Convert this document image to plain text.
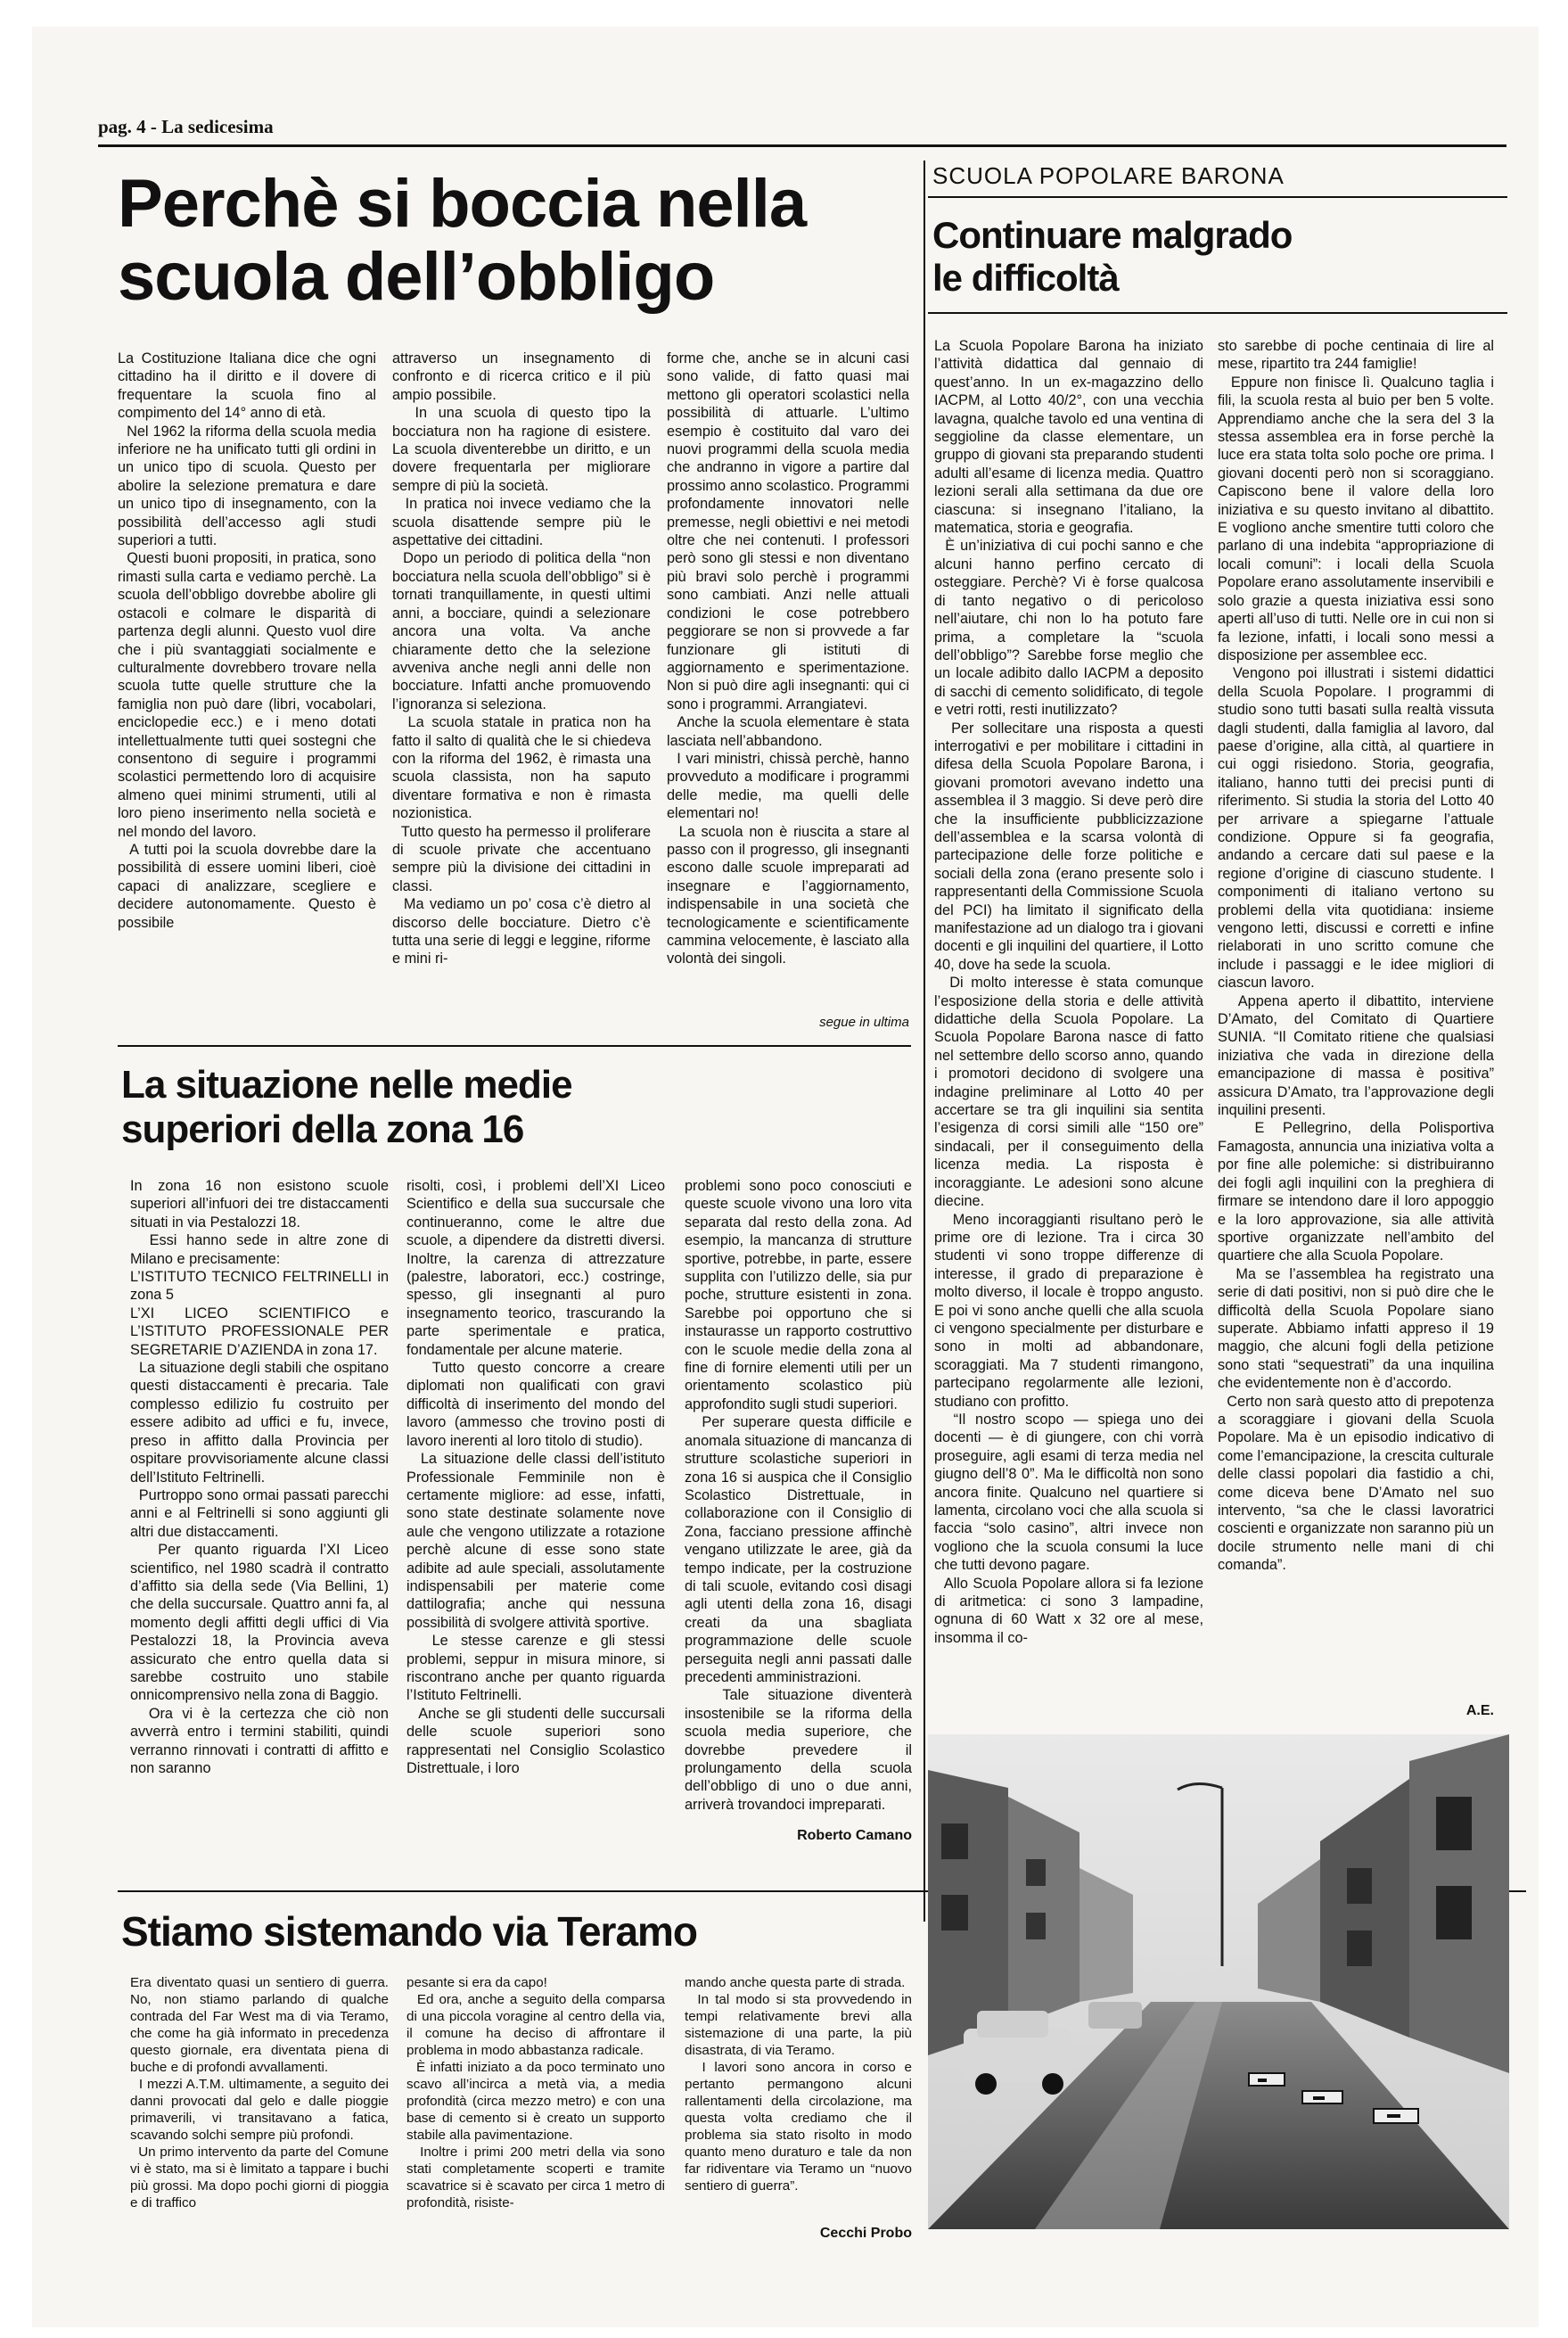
pag. 4 - La sedicesima
Perchè si boccia nella scuola dell’obbligo
La Costituzione Italiana dice che ogni cittadino ha il diritto e il dovere di frequentare la scuola fino al compimento del 14° anno di età.
Nel 1962 la riforma della scuola media inferiore ne ha unificato tutti gli ordini in un unico tipo di scuola. Questo per abolire la selezione prematura e dare un unico tipo di insegnamento, con la possibilità dell’accesso agli studi superiori a tutti.
Questi buoni propositi, in pratica, sono rimasti sulla carta e vediamo perchè. La scuola dell’obbligo dovrebbe abolire gli ostacoli e colmare le disparità di partenza degli alunni. Questo vuol dire che i più svantaggiati socialmente e culturalmente dovrebbero trovare nella scuola tutte quelle strutture che la famiglia non può dare (libri, vocabolari, enciclopedie ecc.) e i meno dotati intellettualmente tutti quei sostegni che consentono di seguire i programmi scolastici permettendo loro di acquisire almeno quei minimi strumenti, utili al loro pieno inserimento nella società e nel mondo del lavoro.
A tutti poi la scuola dovrebbe dare la possibilità di essere uomini liberi, cioè capaci di analizzare, scegliere e decidere autonomamente. Questo è possibile
attraverso un insegnamento di confronto e di ricerca critico e il più ampio possibile.
In una scuola di questo tipo la bocciatura non ha ragione di esistere. La scuola diventerebbe un diritto, e un dovere frequentarla per migliorare sempre di più la società.
In pratica noi invece vediamo che la scuola disattende sempre più le aspettative dei cittadini.
Dopo un periodo di politica della “non bocciatura nella scuola dell’obbligo” si è tornati tranquillamente, in questi ultimi anni, a bocciare, quindi a selezionare ancora una volta. Va anche chiaramente detto che la selezione avveniva anche negli anni delle non bocciature. Infatti anche promuovendo l’ignoranza si seleziona.
La scuola statale in pratica non ha fatto il salto di qualità che le si chiedeva con la riforma del 1962, è rimasta una scuola classista, non ha saputo diventare formativa e non è rimasta nozionistica.
Tutto questo ha permesso il proliferare di scuole private che accentuano sempre più la divisione dei cittadini in classi.
Ma vediamo un po’ cosa c’è dietro al discorso delle bocciature. Dietro c’è tutta una serie di leggi e leggine, riforme e mini ri-
forme che, anche se in alcuni casi sono valide, di fatto quasi mai mettono gli operatori scolastici nella possibilità di attuarle. L’ultimo esempio è costituito dal varo dei nuovi programmi della scuola media che andranno in vigore a partire dal prossimo anno scolastico. Programmi profondamente innovatori nelle premesse, negli obiettivi e nei metodi oltre che nei contenuti. I professori però sono gli stessi e non diventano più bravi solo perchè i programmi sono cambiati. Anzi nelle attuali condizioni le cose potrebbero peggiorare se non si provvede a far funzionare gli istituti di aggiornamento e sperimentazione. Non si può dire agli insegnanti: qui ci sono i programmi. Arrangiatevi.
Anche la scuola elementare è stata lasciata nell’abbandono.
I vari ministri, chissà perchè, hanno provveduto a modificare i programmi delle medie, ma quelli delle elementari no!
La scuola non è riuscita a stare al passo con il progresso, gli insegnanti escono dalle scuole impreparati ad insegnare e l’aggiornamento, indispensabile in una società che tecnologicamente e scientificamente cammina velocemente, è lasciato alla volontà dei singoli.
segue in ultima
La situazione nelle medie superiori della zona 16
In zona 16 non esistono scuole superiori all’infuori dei tre distaccamenti situati in via Pestalozzi 18.
Essi hanno sede in altre zone di Milano e precisamente:
L’ISTITUTO TECNICO FELTRINELLI in zona 5
L’XI LICEO SCIENTIFICO e L’ISTITUTO PROFESSIONALE PER SEGRETARIE D’AZIENDA in zona 17.
La situazione degli stabili che ospitano questi distaccamenti è precaria. Tale complesso edilizio fu costruito per essere adibito ad uffici e fu, invece, preso in affitto dalla Provincia per ospitare provvisoriamente alcune classi dell’Istituto Feltrinelli.
Purtroppo sono ormai passati parecchi anni e al Feltrinelli si sono aggiunti gli altri due distaccamenti.
Per quanto riguarda l’XI Liceo scientifico, nel 1980 scadrà il contratto d’affitto sia della sede (Via Bellini, 1) che della succursale. Quattro anni fa, al momento degli affitti degli uffici di Via Pestalozzi 18, la Provincia aveva assicurato che entro quella data si sarebbe costruito uno stabile onnicomprensivo nella zona di Baggio.
Ora vi è la certezza che ciò non avverrà entro i termini stabiliti, quindi verranno rinnovati i contratti di affitto e non saranno
risolti, così, i problemi dell’XI Liceo Scientifico e della sua succursale che continueranno, come le altre due scuole, a dipendere da distretti diversi. Inoltre, la carenza di attrezzature (palestre, laboratori, ecc.) costringe, spesso, gli insegnanti al puro insegnamento teorico, trascurando la parte sperimentale e pratica, fondamentale per alcune materie.
Tutto questo concorre a creare diplomati non qualificati con gravi difficoltà di inserimento del mondo del lavoro (ammesso che trovino posti di lavoro inerenti al loro titolo di studio).
La situazione delle classi dell’istituto Professionale Femminile non è certamente migliore: ad esse, infatti, sono state destinate solamente nove aule che vengono utilizzate a rotazione perchè alcune di esse sono state adibite ad aule speciali, assolutamente indispensabili per materie come dattilografia; anche qui nessuna possibilità di svolgere attività sportive.
Le stesse carenze e gli stessi problemi, seppur in misura minore, si riscontrano anche per quanto riguarda l’Istituto Feltrinelli.
Anche se gli studenti delle succursali delle scuole superiori sono rappresentati nel Consiglio Scolastico Distrettuale, i loro
problemi sono poco conosciuti e queste scuole vivono una loro vita separata dal resto della zona. Ad esempio, la mancanza di strutture sportive, potrebbe, in parte, essere supplita con l’utilizzo delle, sia pur poche, strutture esistenti in zona. Sarebbe poi opportuno che si instaurasse un rapporto costruttivo con le scuole medie della zona al fine di fornire elementi utili per un orientamento scolastico più approfondito sugli studi superiori.
Per superare questa difficile e anomala situazione di mancanza di strutture scolastiche superiori in zona 16 si auspica che il Consiglio Scolastico Distrettuale, in collaborazione con il Consiglio di Zona, facciano pressione affinchè vengano utilizzate le aree, già da tempo indicate, per la costruzione di tali scuole, evitando così disagi agli utenti della zona 16, disagi creati da una sbagliata programmazione delle scuole perseguita negli anni passati dalle precedenti amministrazioni.
Tale situazione diventerà insostenibile se la riforma della scuola media superiore, che dovrebbe prevedere il prolungamento della scuola dell’obbligo di uno o due anni, arriverà trovandoci impreparati.
Roberto Camano
SCUOLA POPOLARE BARONA
Continuare malgrado le difficoltà
La Scuola Popolare Barona ha iniziato l’attività didattica dal gennaio di quest’anno. In un ex-magazzino dello IACPM, al Lotto 40/2°, con una vecchia lavagna, qualche tavolo ed una ventina di seggioline da classe elementare, un gruppo di giovani sta preparando studenti adulti all’esame di licenza media. Quattro lezioni serali alla settimana da due ore ciascuna: si insegnano l’italiano, la matematica, storia e geografia.
È un’iniziativa di cui pochi sanno e che alcuni hanno perfino cercato di osteggiare. Perchè? Vi è forse qualcosa di tanto negativo o di pericoloso nell’aiutare, chi non lo ha potuto fare prima, a completare la “scuola dell’obbligo”? Sarebbe forse meglio che un locale adibito dallo IACPM a deposito di sacchi di cemento solidificato, di tegole e vetri rotti, resti inutilizzato?
Per sollecitare una risposta a questi interrogativi e per mobilitare i cittadini in difesa della Scuola Popolare Barona, i giovani promotori avevano indetto una assemblea il 3 maggio. Si deve però dire che la insufficiente pubblicizzazione dell’assemblea e la scarsa volontà di partecipazione delle forze politiche e sociali della zona (erano presente solo i rappresentanti della Commissione Scuola del PCI) ha limitato il significato della manifestazione ad un dialogo tra i giovani docenti e gli inquilini del quartiere, il Lotto 40, dove ha sede la scuola.
Di molto interesse è stata comunque l’esposizione della storia e delle attività didattiche della Scuola Popolare. La Scuola Popolare Barona nasce di fatto nel settembre dello scorso anno, quando i promotori decidono di svolgere una indagine preliminare al Lotto 40 per accertare se tra gli inquilini sia sentita l’esigenza di corsi simili alle “150 ore” sindacali, per il conseguimento della licenza media. La risposta è incoraggiante. Le adesioni sono alcune diecine.
Meno incoraggianti risultano però le prime ore di lezione. Tra i circa 30 studenti vi sono troppe differenze di interesse, il grado di preparazione è molto diverso, il locale è troppo angusto. E poi vi sono anche quelli che alla scuola ci vengono specialmente per disturbare e sono in molti ad abbandonare, scoraggiati. Ma 7 studenti rimangono, partecipano regolarmente alle lezioni, studiano con profitto.
“Il nostro scopo — spiega uno dei docenti — è di giungere, con chi vorrà proseguire, agli esami di terza media nel giugno dell’8 0”. Ma le difficoltà non sono ancora finite. Qualcuno nel quartiere si lamenta, circolano voci che alla scuola si faccia “solo casino”, altri invece non vogliono che la scuola consumi la luce che tutti devono pagare.
Allo Scuola Popolare allora si fa lezione di aritmetica: ci sono 3 lampadine, ognuna di 60 Watt x 32 ore al mese, insomma il co-
sto sarebbe di poche centinaia di lire al mese, ripartito tra 244 famiglie!
Eppure non finisce lì. Qualcuno taglia i fili, la scuola resta al buio per ben 5 volte. Apprendiamo anche che la sera del 3 la stessa assemblea era in forse perchè la luce era stata tolta solo poche ore prima. I giovani docenti però non si scoraggiano. Capiscono bene il valore della loro iniziativa e su questo invitano al dibattito. E vogliono anche smentire tutti coloro che parlano di una indebita “appropriazione di locali comuni”: i locali della Scuola Popolare erano assolutamente inservibili e solo grazie a questa iniziativa essi sono aperti all’uso di tutti. Nelle ore in cui non si fa lezione, infatti, i locali sono messi a disposizione per assemblee ecc.
Vengono poi illustrati i sistemi didattici della Scuola Popolare. I programmi di studio sono tutti basati sulla realtà vissuta dagli studenti, dalla famiglia al lavoro, dal paese d’origine, alla città, al quartiere in cui oggi risiedono. Storia, geografia, italiano, hanno tutti dei precisi punti di riferimento. Si studia la storia del Lotto 40 per arrivare a spiegarne l’attuale condizione. Oppure si fa geografia, andando a cercare dati sul paese e la regione d’origine di ciascuno studente. I componimenti di italiano vertono su problemi della vita quotidiana: insieme vengono letti, discussi e corretti e infine rielaborati in uno scritto comune che include i passaggi e le idee migliori di ciascun lavoro.
Appena aperto il dibattito, interviene D’Amato, del Comitato di Quartiere SUNIA. “Il Comitato ritiene che qualsiasi iniziativa che vada in direzione della emancipazione di massa è positiva” assicura D’Amato, tra l’approvazione degli inquilini presenti.
E Pellegrino, della Polisportiva Famagosta, annuncia una iniziativa volta a por fine alle polemiche: si distribuiranno dei fogli agli inquilini con la preghiera di firmare se intendono dare il loro appoggio e la loro approvazione, sia alle attività sportive organizzate nell’ambito del quartiere che alla Scuola Popolare.
Ma se l’assemblea ha registrato una serie di dati positivi, non si può dire che le difficoltà della Scuola Popolare siano superate. Abbiamo infatti appreso il 19 maggio, che alcuni fogli della petizione sono stati “sequestrati” da una inquilina che evidentemente non è d’accordo.
Certo non sarà questo atto di prepotenza a scoraggiare i giovani della Scuola Popolare. Ma è un episodio indicativo di come l’emancipazione, la crescita culturale delle classi popolari dia fastidio a chi, come diceva bene D’Amato nel suo intervento, “sa che le classi lavoratrici coscienti e organizzate non saranno più un docile strumento nelle mani di chi comanda”.
A.E.
Stiamo sistemando via Teramo
Era diventato quasi un sentiero di guerra. No, non stiamo parlando di qualche contrada del Far West ma di via Teramo, che come ha già informato in precedenza questo giornale, era diventata piena di buche e di profondi avvallamenti.
I mezzi A.T.M. ultimamente, a seguito dei danni provocati dal gelo e dalle pioggie primaverili, vi transitavano a fatica, scavando solchi sempre più profondi.
Un primo intervento da parte del Comune vi è stato, ma si è limitato a tappare i buchi più grossi. Ma dopo pochi giorni di pioggia e di traffico
pesante si era da capo!
Ed ora, anche a seguito della comparsa di una piccola voragine al centro della via, il comune ha deciso di affrontare il problema in modo abbastanza radicale.
È infatti iniziato a da poco terminato uno scavo all’incirca a metà via, a media profondità (circa mezzo metro) e con una base di cemento si è creato un supporto stabile alla pavimentazione.
Inoltre i primi 200 metri della via sono stati completamente scoperti e tramite scavatrice si è scavato per circa 1 metro di profondità, risiste-
mando anche questa parte di strada.
In tal modo si sta provvedendo in tempi relativamente brevi alla sistemazione di una parte, la più disastrata, di via Teramo.
I lavori sono ancora in corso e pertanto permangono alcuni rallentamenti della circolazione, ma questa volta crediamo che il problema sia stato risolto in modo quanto meno duraturo e tale da non far ridiventare via Teramo un “nuovo sentiero di guerra”.
Cecchi Probo
